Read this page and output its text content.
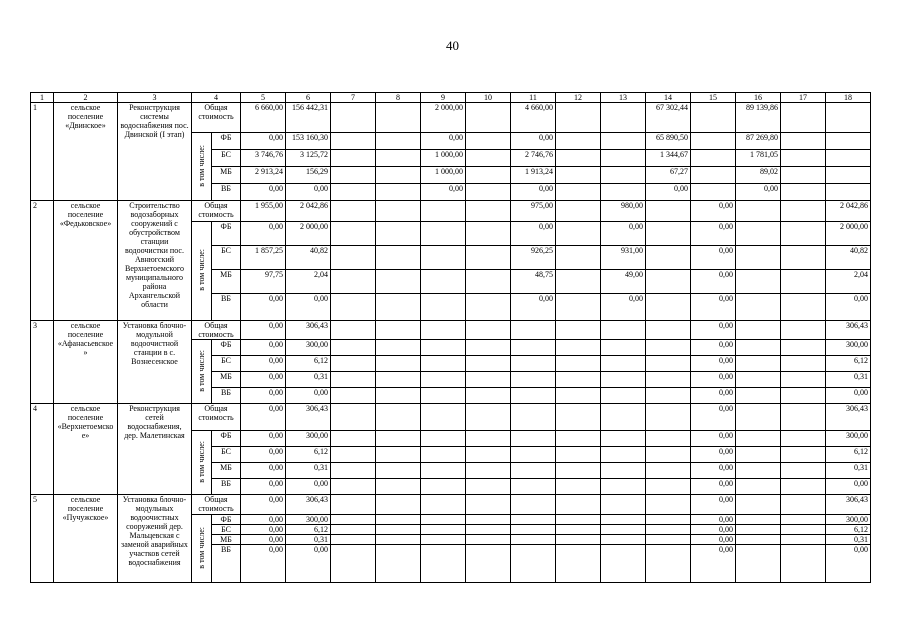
40
1	2	3	4		5	6	7	8	9	10	11	12	13	14	15	16	17	18
1	сельское поселение «Двинское»	Реконструкция системы водоснабжения пос. Двинской (I этап)	Общая стоимость		6 660,00	156 442,31			2 000,00		4 660,00			67 302,44		89 139,86		
			в том числе:	ФБ	0,00	153 160,30			0,00		0,00			65 890,50		87 269,80		
				БС	3 746,76	3 125,72			1 000,00		2 746,76			1 344,67		1 781,05		
				МБ	2 913,24	156,29			1 000,00		1 913,24			67,27		89,02		
				ВБ	0,00	0,00			0,00		0,00			0,00		0,00		
2	сельское поселение «Федьковское»	Строительство водозаборных сооружений с обустройством станции водоочистки пос. Авнюгский Верхнетоемского муниципального района Архангельской области	Общая стоимость		1 955,00	2 042,86					975,00		980,00		0,00			2 042,86
			в том числе:	ФБ	0,00	2 000,00					0,00		0,00		0,00			2 000,00
				БС	1 857,25	40,82					926,25		931,00		0,00			40,82
				МБ	97,75	2,04					48,75		49,00		0,00			2,04
				ВБ	0,00	0,00					0,00		0,00		0,00			0,00
3	сельское поселение «Афанасьевское»	Установка блочно-модульной водоочистной станции в с. Вознесенское	Общая стоимость		0,00	306,43									0,00			306,43
			в том числе:	ФБ	0,00	300,00									0,00			300,00
				БС	0,00	6,12									0,00			6,12
				МБ	0,00	0,31									0,00			0,31
				ВБ	0,00	0,00									0,00			0,00
4	сельское поселение «Верхнетоемское»	Реконструкция сетей водоснабжения, дер. Малетинская	Общая стоимость		0,00	306,43									0,00			306,43
			в том числе:	ФБ	0,00	300,00									0,00			300,00
				БС	0,00	6,12									0,00			6,12
				МБ	0,00	0,31									0,00			0,31
				ВБ	0,00	0,00									0,00			0,00
5	сельское поселение «Пучужское»	Установка блочно-модульных водоочистных сооружений дер. Мальцевская с заменой аварийных участков сетей водоснабжения	Общая стоимость		0,00	306,43									0,00			306,43
			в том числе:	ФБ	0,00	300,00									0,00			300,00
				БС	0,00	6,12									0,00			6,12
				МБ	0,00	0,31									0,00			0,31
				ВБ	0,00	0,00									0,00			0,00
